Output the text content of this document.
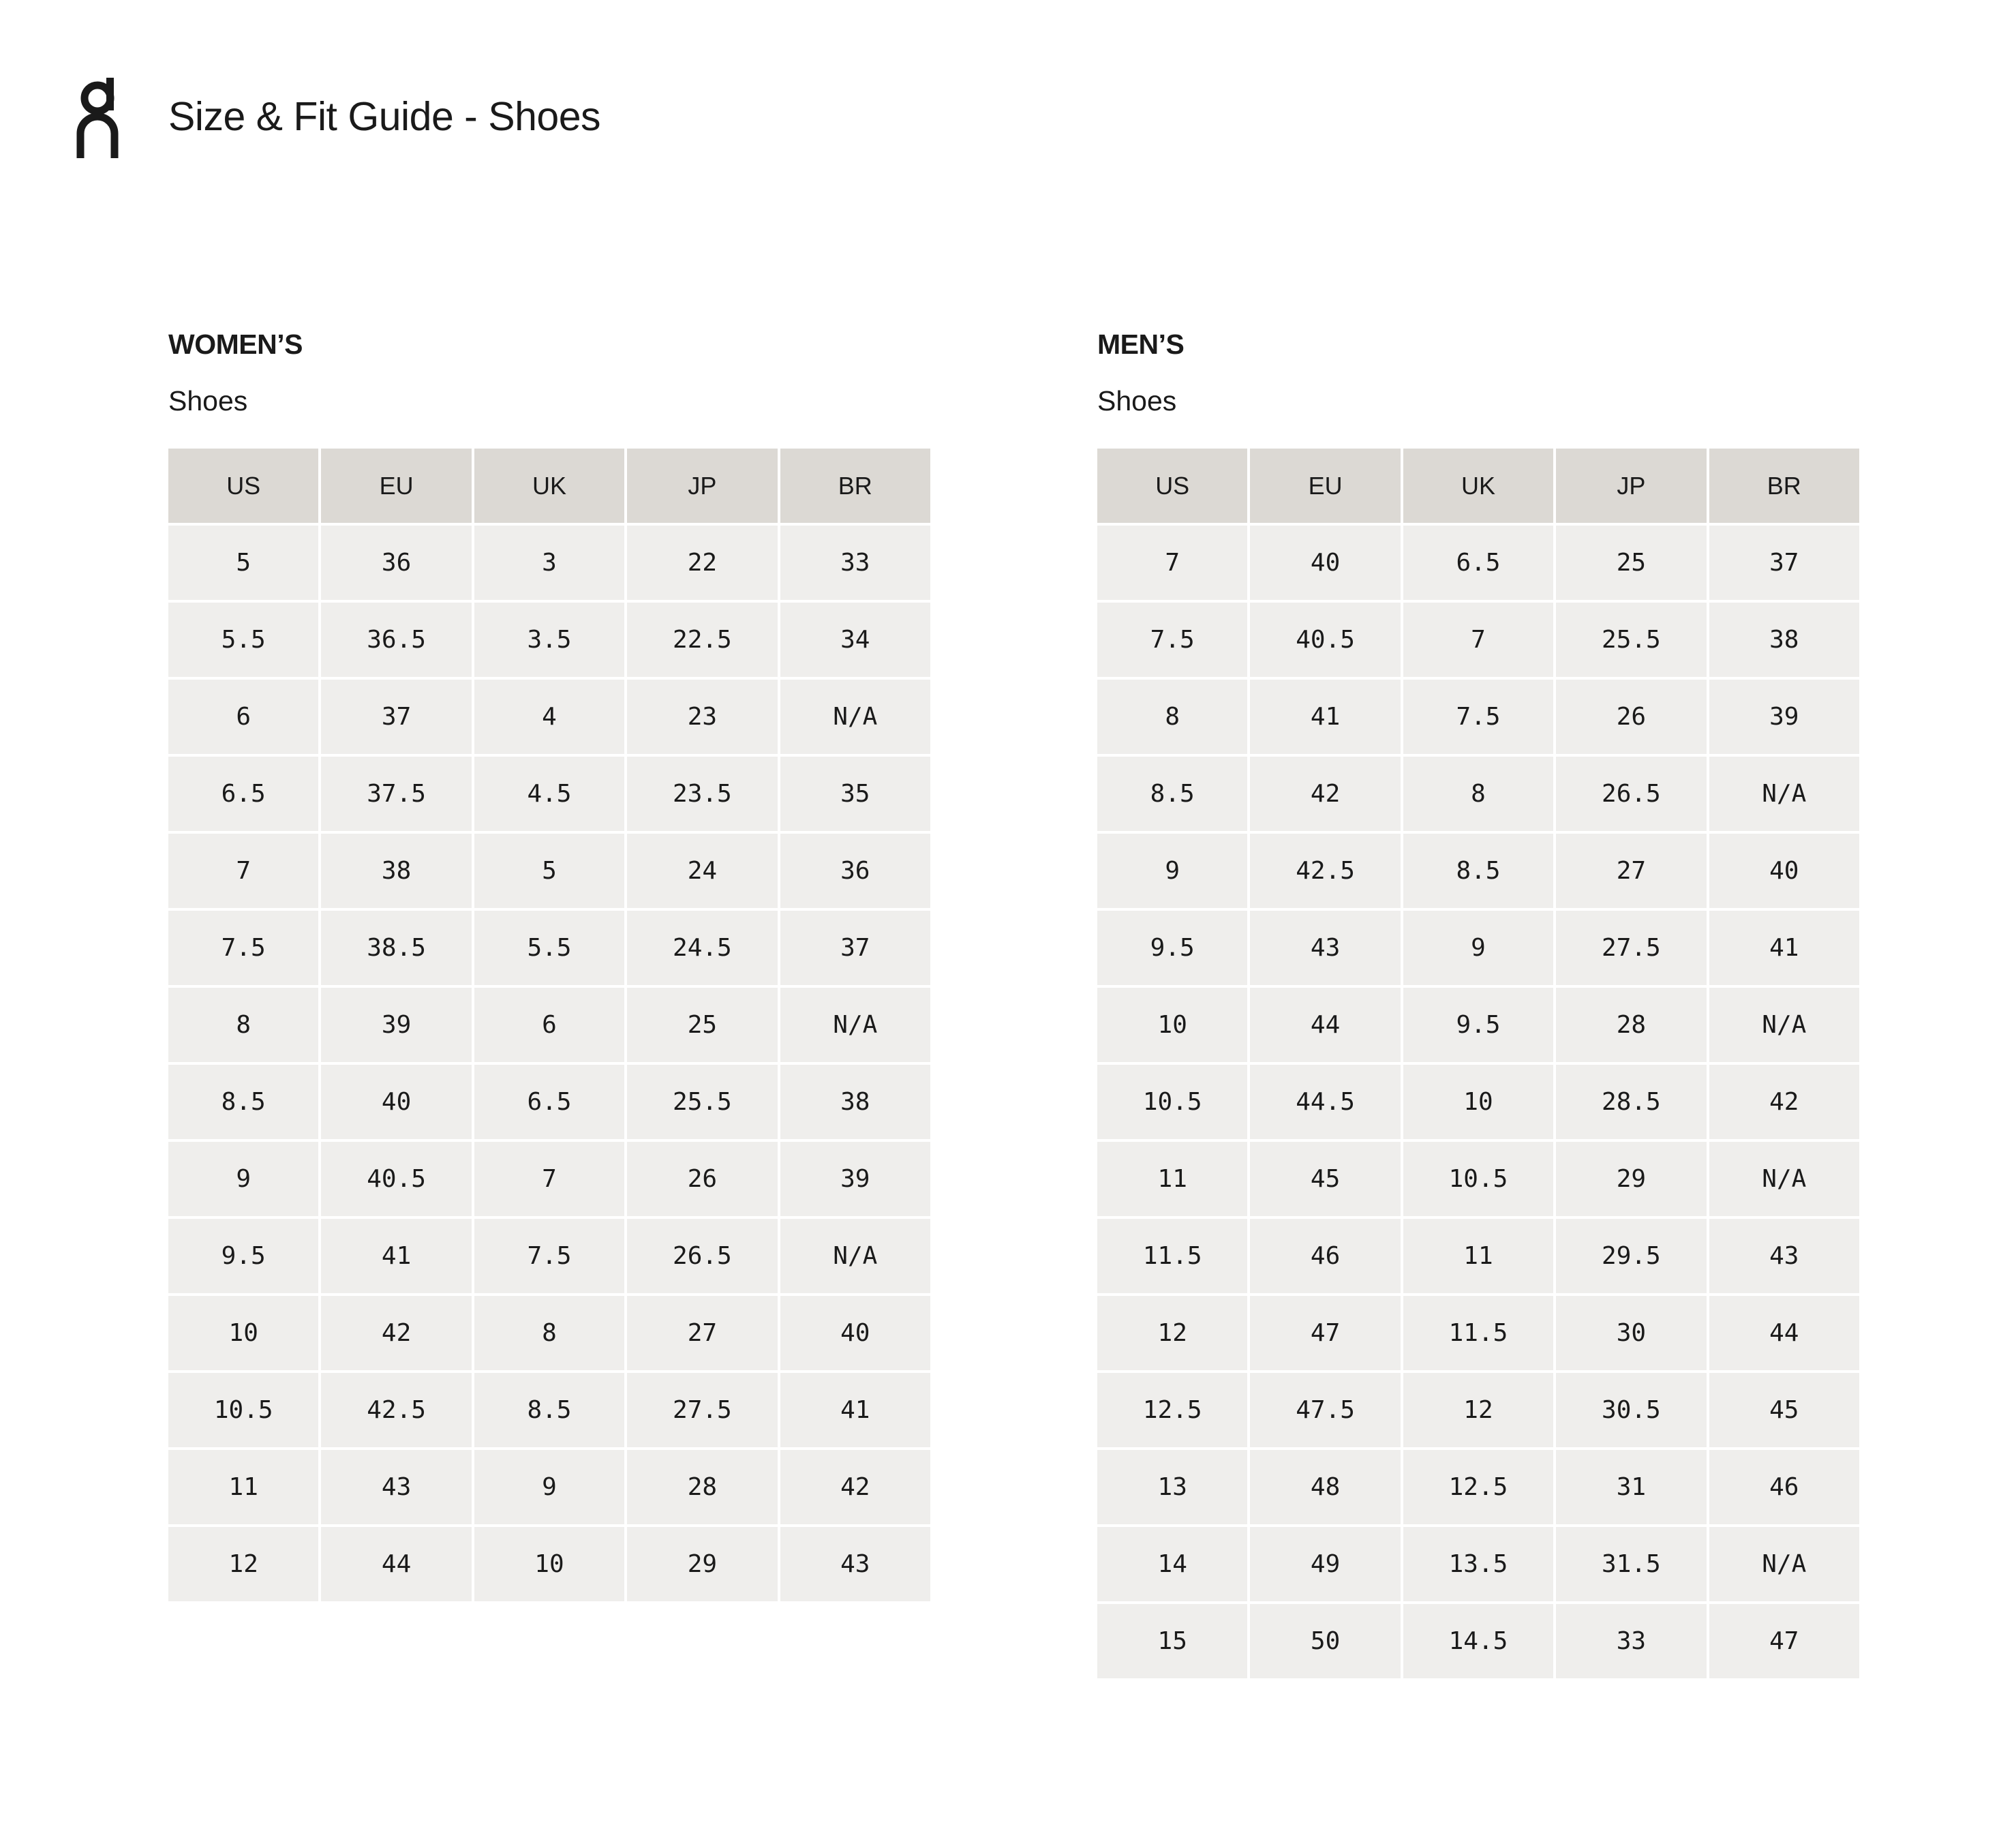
Size & Fit Guide - Shoes
WOMEN’S
Shoes
US	EU	UK	JP	BR
5	36	3	22	33
5.5	36.5	3.5	22.5	34
6	37	4	23	N/A
6.5	37.5	4.5	23.5	35
7	38	5	24	36
7.5	38.5	5.5	24.5	37
8	39	6	25	N/A
8.5	40	6.5	25.5	38
9	40.5	7	26	39
9.5	41	7.5	26.5	N/A
10	42	8	27	40
10.5	42.5	8.5	27.5	41
11	43	9	28	42
12	44	10	29	43
MEN’S
Shoes
US	EU	UK	JP	BR
7	40	6.5	25	37
7.5	40.5	7	25.5	38
8	41	7.5	26	39
8.5	42	8	26.5	N/A
9	42.5	8.5	27	40
9.5	43	9	27.5	41
10	44	9.5	28	N/A
10.5	44.5	10	28.5	42
11	45	10.5	29	N/A
11.5	46	11	29.5	43
12	47	11.5	30	44
12.5	47.5	12	30.5	45
13	48	12.5	31	46
14	49	13.5	31.5	N/A
15	50	14.5	33	47
